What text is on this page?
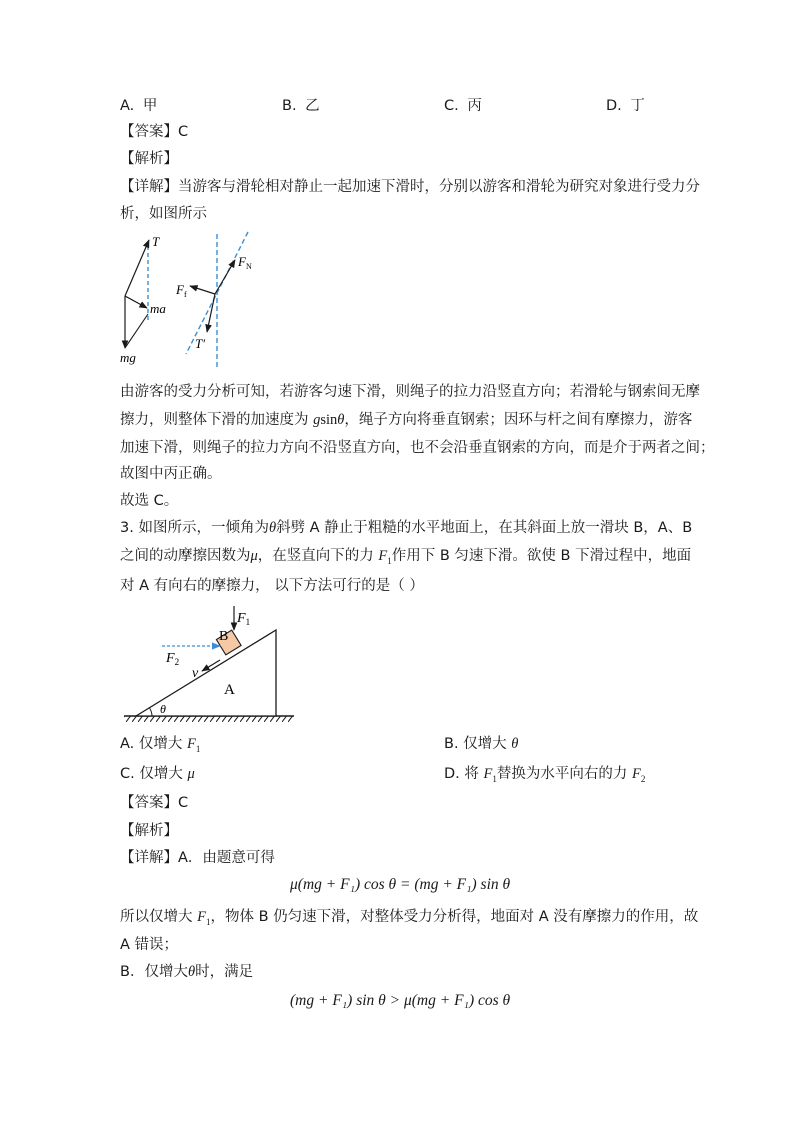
A. 甲	B. 乙	C. 丙	D. 丁
【答案】C
【解析】
【详解】当游客与滑轮相对静止一起加速下滑时，分别以游客和滑轮为研究对象进行受力分
析，如图所示
T
ma
mg
$F_N$
$F_f$
T′
由游客的受力分析可知，若游客匀速下滑，则绳子的拉力沿竖直方向；若滑轮与钢索间无摩
擦力，则整体下滑的加速度为 gsinθ，绳子方向将垂直钢索；因环与杆之间有摩擦力，游客
加速下滑，则绳子的拉力方向不沿竖直方向，也不会沿垂直钢索的方向，而是介于两者之间；
故图中丙正确。
故选 C。
3. 如图所示，一倾角为θ斜劈 A 静止于粗糙的水平地面上，在其斜面上放一滑块 B，A、B
之间的动摩擦因数为μ，在竖直向下的力 $F_1$作用下 B 匀速下滑。欲使 B 下滑过程中，地面
对 A 有向右的摩擦力， 以下方法可行的是（ ）
$F_1$
B
$F_2$
v
A
θ
A. 仅增大 $F_1$	B. 仅增大 θ
C. 仅增大 μ	D. 将 $F_1$替换为水平向右的力 $F_2$
【答案】C
【解析】
【详解】A．由题意可得
μ(mg + F₁) cos θ = (mg + F₁) sin θ
所以仅增大 $F_1$，物体 B 仍匀速下滑，对整体受力分析得，地面对 A 没有摩擦力的作用，故
A 错误；
B．仅增大θ时，满足
(mg + F₁) sin θ > μ(mg + F₁) cos θ
